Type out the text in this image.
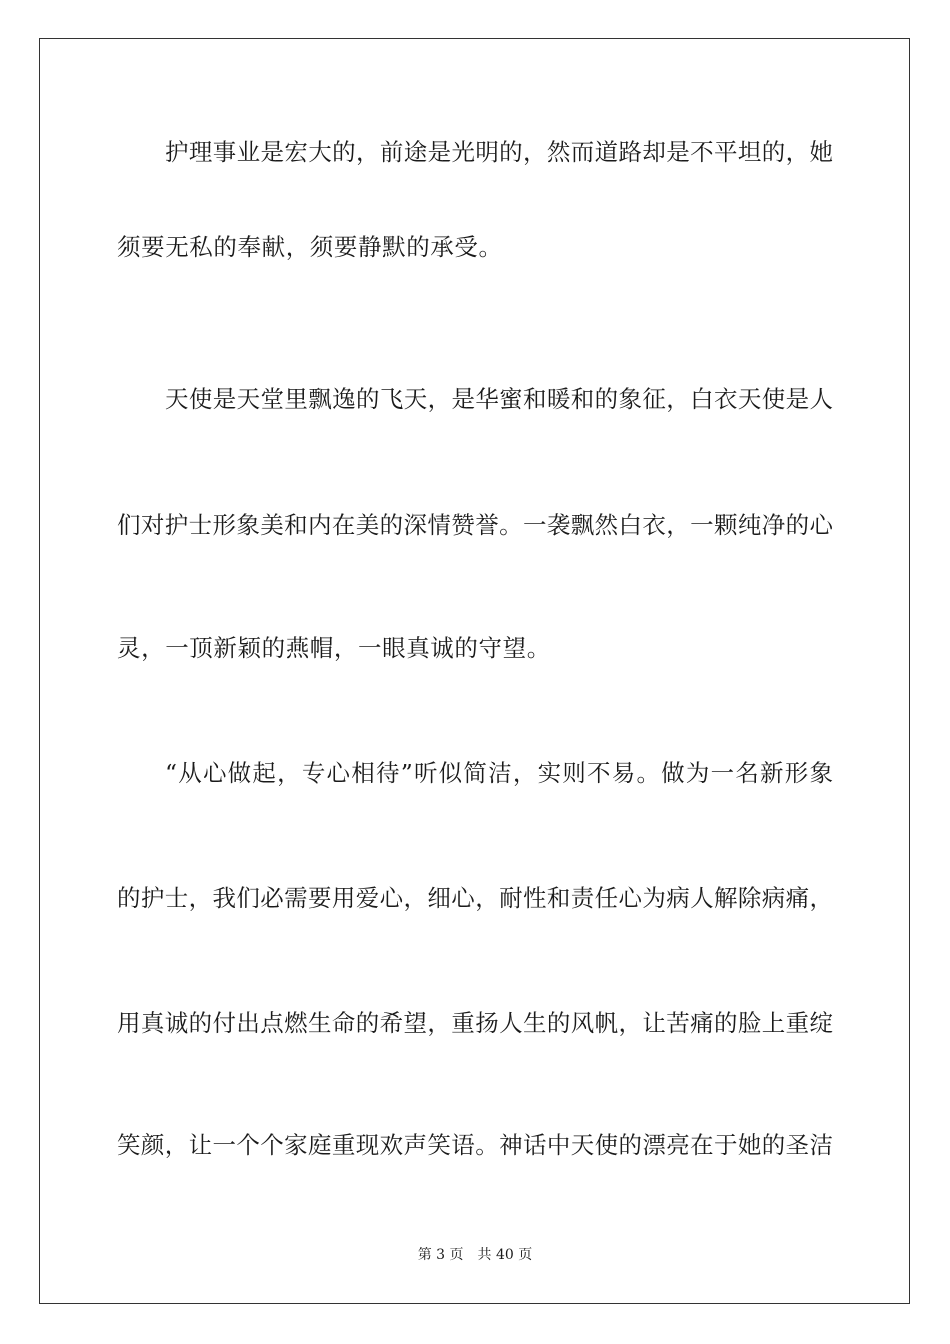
护理事业是宏大的，前途是光明的，然而道路却是不平坦的，她
须要无私的奉献，须要静默的承受。
天使是天堂里飘逸的飞天，是华蜜和暖和的象征，白衣天使是人
们对护士形象美和内在美的深情赞誉。一袭飘然白衣，一颗纯净的心
灵，一顶新颖的燕帽，一眼真诚的守望。
“从心做起，专心相待”听似简洁，实则不易。做为一名新形象
的护士，我们必需要用爱心，细心，耐性和责任心为病人解除病痛，
用真诚的付出点燃生命的希望，重扬人生的风帆，让苦痛的脸上重绽
笑颜，让一个个家庭重现欢声笑语。神话中天使的漂亮在于她的圣洁
第 3 页　共 40 页
